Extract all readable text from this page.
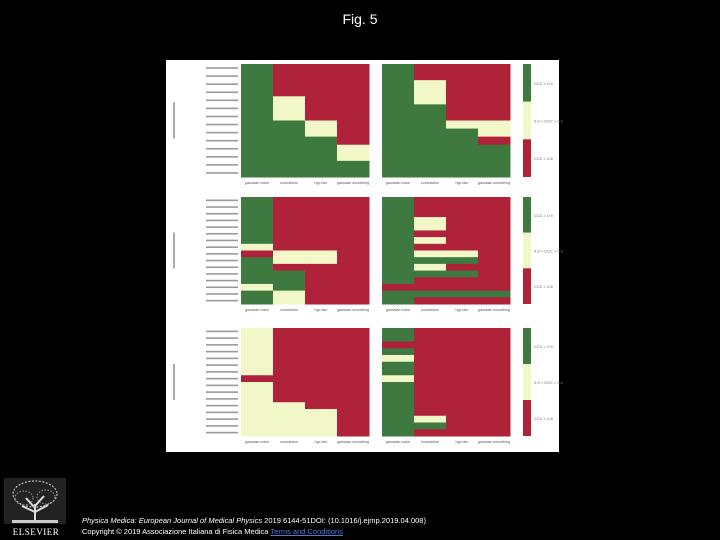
Fig. 5
CCC > 0.9
0.9 > CCC > 0.8
CCC < 0.8
gaussian noise	convolution	hyp-blur	gaussian smoothing	gaussian noise	convolution	hyp-blur	gaussian smoothing
CCC > 0.9
0.9 > CCC > 0.8
CCC < 0.8
gaussian noise	convolution	hyp-blur	gaussian smoothing	gaussian noise	convolution	hyp-blur	gaussian smoothing
CCC > 0.9
0.9 > CCC > 0.8
CCC < 0.8
gaussian noise	convolution	hyp-blur	gaussian smoothing	gaussian noise	convolution	hyp-blur	gaussian smoothing
ELSEVIER
Physica Medica: European Journal of Medical Physics 2019 6144-51DOI: (10.1016/j.ejmp.2019.04.008)
Copyright © 2019 Associazione Italiana di Fisica Medica Terms and Conditions
